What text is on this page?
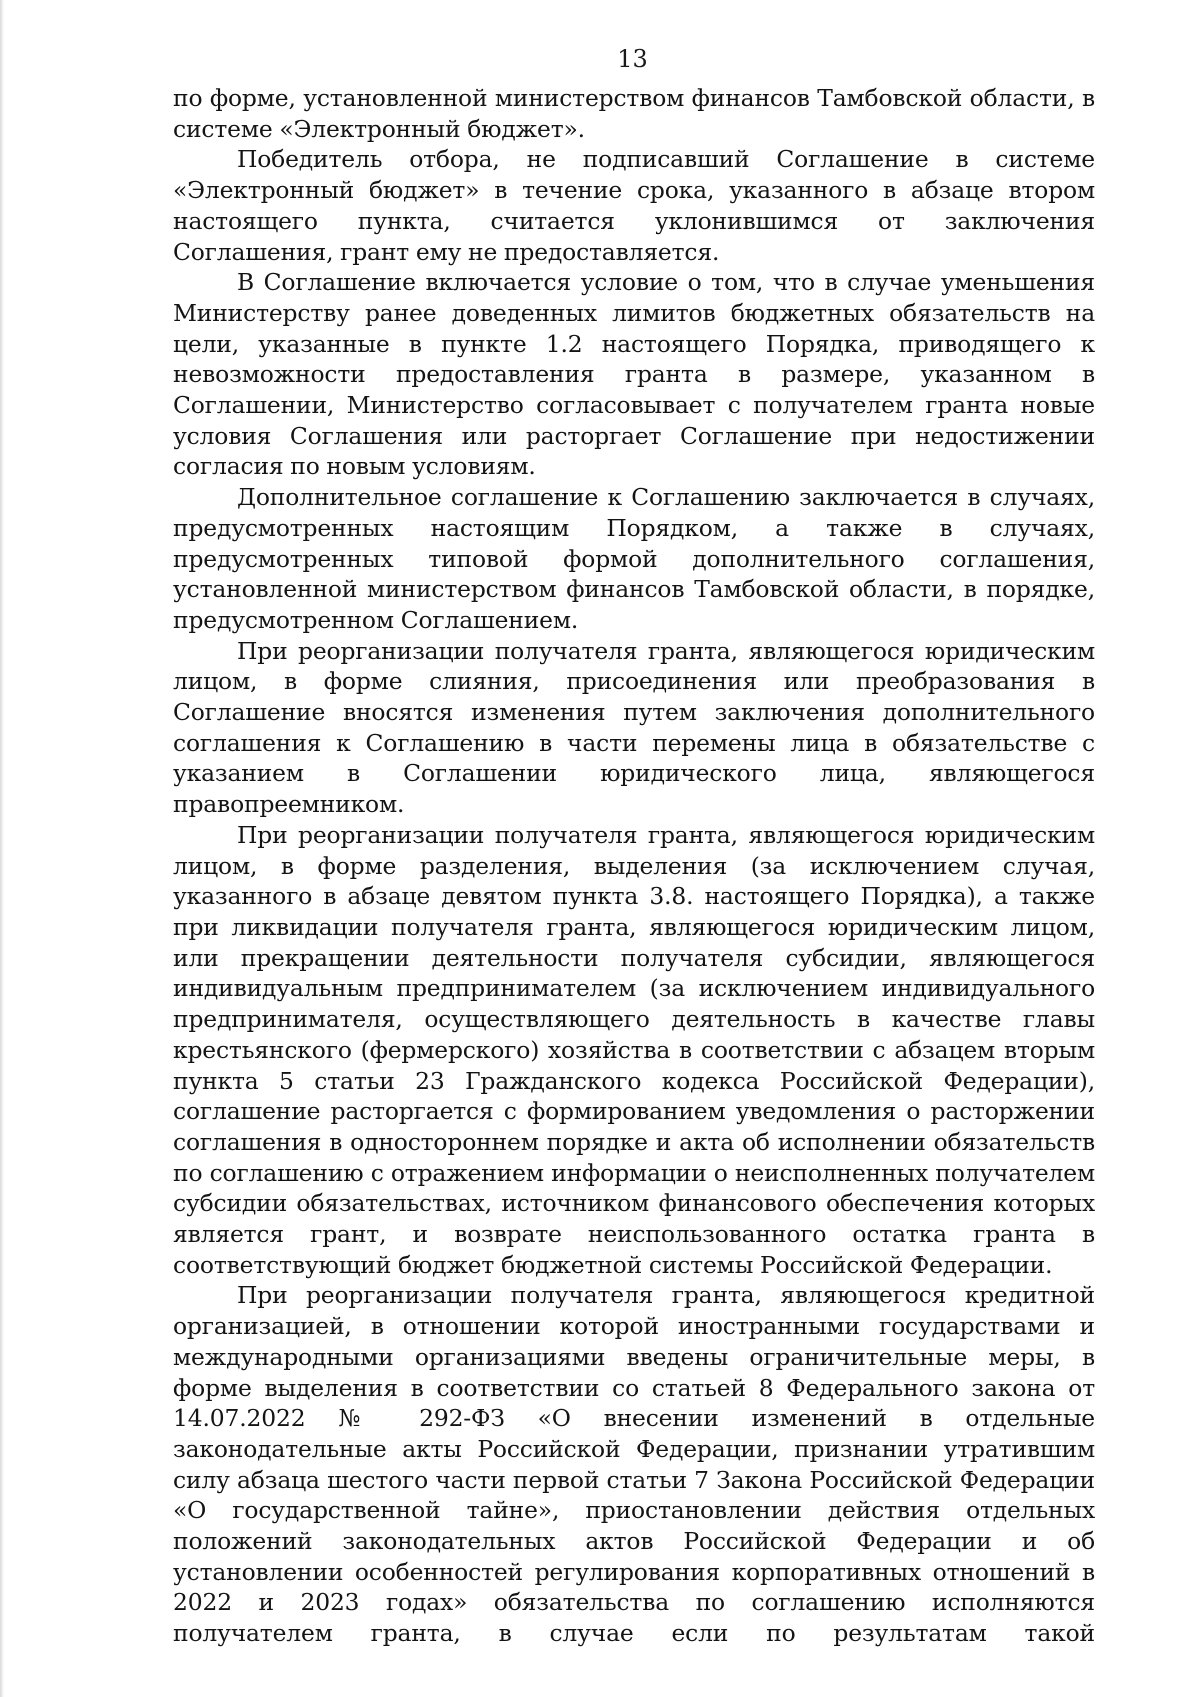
13

по форме, установленной министерством финансов Тамбовской области, в системе «Электронный бюджет».

Победитель отбора, не подписавший Соглашение в системе «Электронный бюджет» в течение срока, указанного в абзаце втором настоящего пункта, считается уклонившимся от заключения Соглашения, грант ему не предоставляется.

В Соглашение включается условие о том, что в случае уменьшения Министерству ранее доведенных лимитов бюджетных обязательств на цели, указанные в пункте 1.2 настоящего Порядка, приводящего к невозможности предоставления гранта в размере, указанном в Соглашении, Министерство согласовывает с получателем гранта новые условия Соглашения или расторгает Соглашение при недостижении согласия по новым условиям.

Дополнительное соглашение к Соглашению заключается в случаях, предусмотренных настоящим Порядком, а также в случаях, предусмотренных типовой формой дополнительного соглашения, установленной министерством финансов Тамбовской области, в порядке, предусмотренном Соглашением.

При реорганизации получателя гранта, являющегося юридическим лицом, в форме слияния, присоединения или преобразования в Соглашение вносятся изменения путем заключения дополнительного соглашения к Соглашению в части перемены лица в обязательстве с указанием в Соглашении юридического лица, являющегося правопреемником.

При реорганизации получателя гранта, являющегося юридическим лицом, в форме разделения, выделения (за исключением случая, указанного в абзаце девятом пункта 3.8. настоящего Порядка), а также при ликвидации получателя гранта, являющегося юридическим лицом, или прекращении деятельности получателя субсидии, являющегося индивидуальным предпринимателем (за исключением индивидуального предпринимателя, осуществляющего деятельность в качестве главы крестьянского (фермерского) хозяйства в соответствии с абзацем вторым пункта 5 статьи 23 Гражданского кодекса Российской Федерации), соглашение расторгается с формированием уведомления о расторжении соглашения в одностороннем порядке и акта об исполнении обязательств по соглашению с отражением информации о неисполненных получателем субсидии обязательствах, источником финансового обеспечения которых является грант, и возврате неиспользованного остатка гранта в соответствующий бюджет бюджетной системы Российской Федерации.

При реорганизации получателя гранта, являющегося кредитной организацией, в отношении которой иностранными государствами и международными организациями введены ограничительные меры, в форме выделения в соответствии со статьей 8 Федерального закона от 14.07.2022 № 292-ФЗ «О внесении изменений в отдельные законодательные акты Российской Федерации, признании утратившим силу абзаца шестого части первой статьи 7 Закона Российской Федерации «О государственной тайне», приостановлении действия отдельных положений законодательных актов Российской Федерации и об установлении особенностей регулирования корпоративных отношений в 2022 и 2023 годах» обязательства по соглашению исполняются получателем гранта, в случае если по результатам такой
